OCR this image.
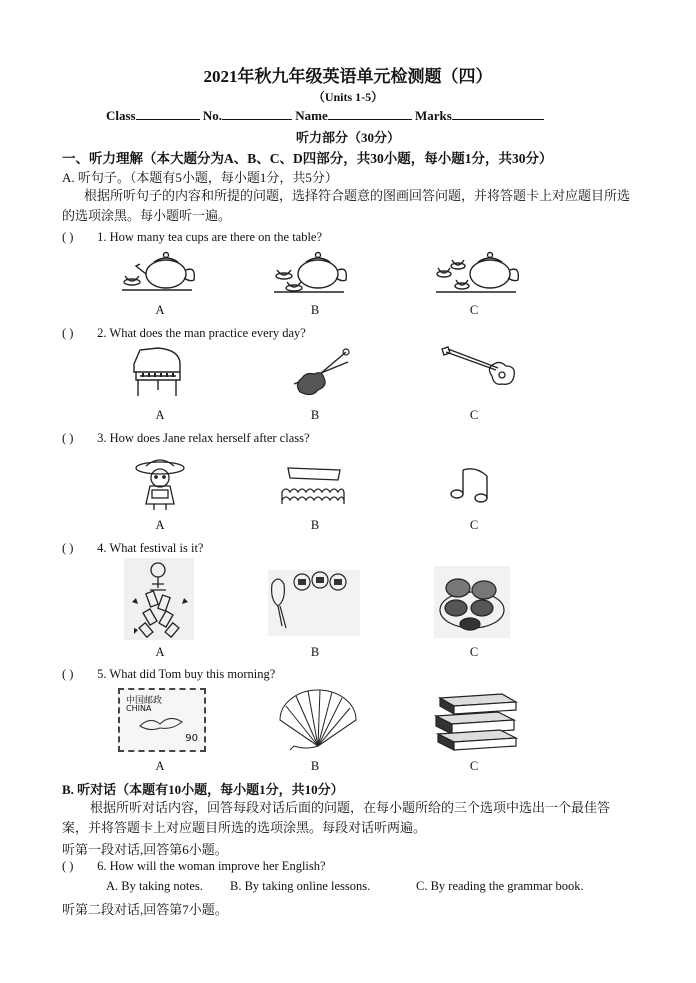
2021年秋九年级英语单元检测题（四）
（Units 1-5）
Class	No.	Name	Marks
听力部分（30分）
一、听力理解（本大题分为A、B、C、D四部分，共30小题，每小题1分，共30分）
A. 听句子。（本题有5小题，每小题1分，共5分）
根据所听句子的内容和所提的问题，选择符合题意的图画回答问题，并将答题卡上对应题目所选的选项涂黑。每小题听一遍。
( ) 1. How many tea cups are there on the table?
A	B	C
( ) 2. What does the man practice every day?
A	B	C
( ) 3. How does Jane relax herself after class?
A	B	C
( ) 4. What festival is it?
A	B	C
( ) 5. What did Tom buy this morning?
中国邮政
CHINA
90
A	B	C
B. 听对话（本题有10小题，每小题1分，共10分）
根据所听对话内容，回答每段对话后面的问题，在每小题所给的三个选项中选出一个最佳答案，并将答题卡上对应题目所选的选项涂黑。每段对话听两遍。
听第一段对话,回答第6小题。
( ) 6. How will the woman improve her English?
A. By taking notes. B. By taking online lessons.	C. By reading the grammar book.
听第二段对话,回答第7小题。
